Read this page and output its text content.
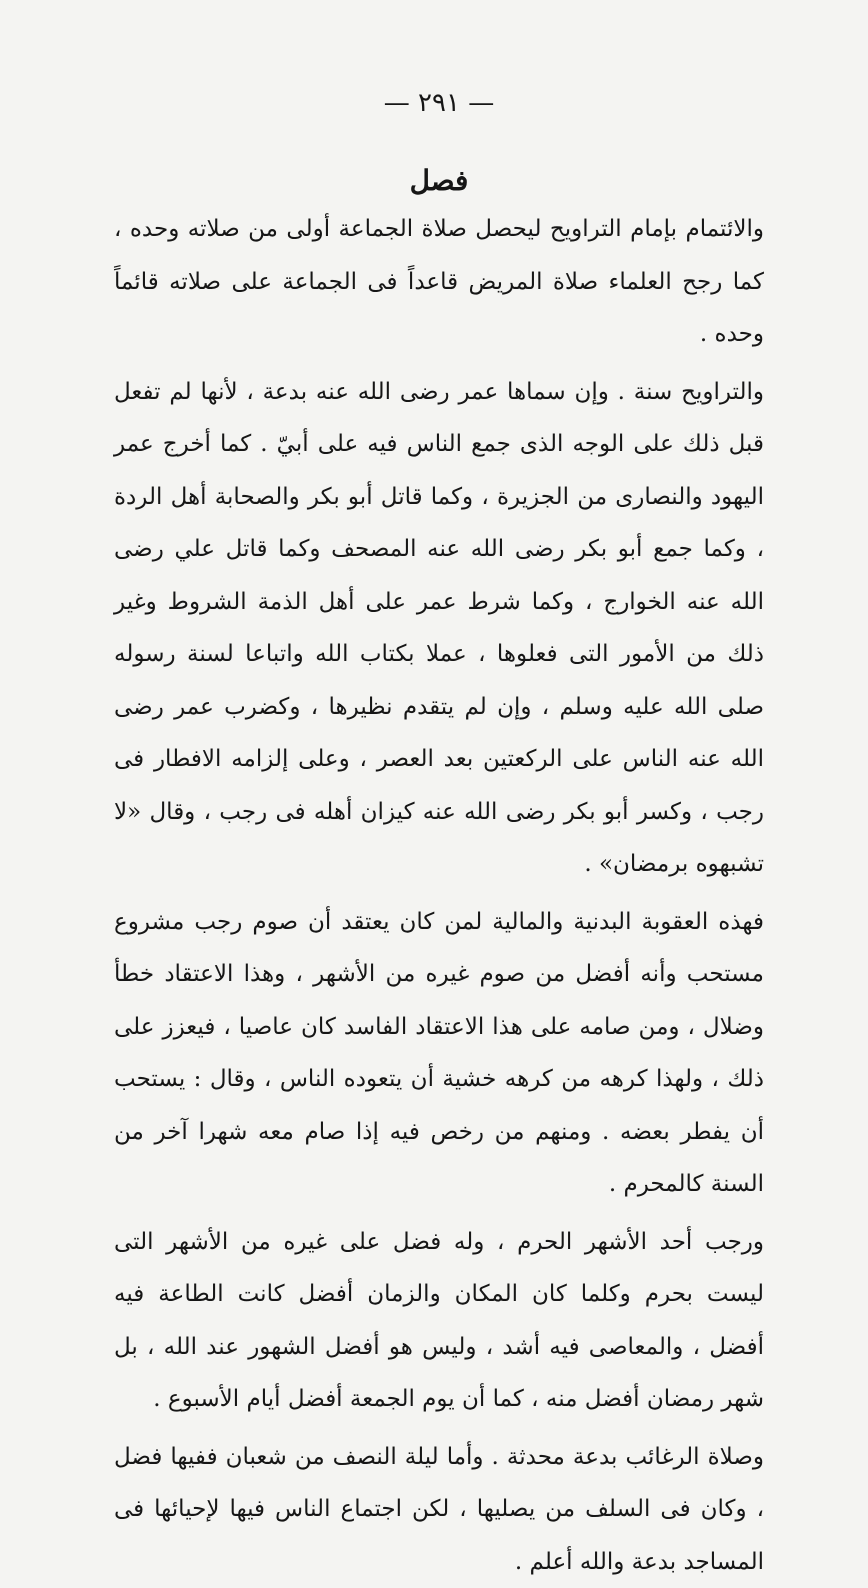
— ٢٩١ —
فصل

والائتمام بإمام التراويح ليحصل صلاة الجماعة أولى من صلاته وحده ، كما رجح العلماء صلاة المريض قاعداً فى الجماعة على صلاته قائماً وحده .

والتراويح سنة . وإن سماها عمر رضى الله عنه بدعة ، لأنها لم تفعل قبل ذلك على الوجه الذى جمع الناس فيه على أبيّ . كما أخرج عمر اليهود والنصارى من الجزيرة ، وكما قاتل أبو بكر والصحابة أهل الردة ، وكما جمع أبو بكر رضى الله عنه المصحف وكما قاتل علي رضى الله عنه الخوارج ، وكما شرط عمر على أهل الذمة الشروط وغير ذلك من الأمور التى فعلوها ، عملا بكتاب الله واتباعا لسنة رسوله صلى الله عليه وسلم ، وإن لم يتقدم نظيرها ، وكضرب عمر رضى الله عنه الناس على الركعتين بعد العصر ، وعلى إلزامه الافطار فى رجب ، وكسر أبو بكر رضى الله عنه كيزان أهله فى رجب ، وقال «لا تشبهوه برمضان» .

فهذه العقوبة البدنية والمالية لمن كان يعتقد أن صوم رجب مشروع مستحب وأنه أفضل من صوم غيره من الأشهر ، وهذا الاعتقاد خطأ وضلال ، ومن صامه على هذا الاعتقاد الفاسد كان عاصيا ، فيعزز على ذلك ، ولهذا كرهه من كرهه خشية أن يتعوده الناس ، وقال : يستحب أن يفطر بعضه . ومنهم من رخص فيه إذا صام معه شهرا آخر من السنة كالمحرم .

ورجب أحد الأشهر الحرم ، وله فضل على غيره من الأشهر التى ليست بحرم وكلما كان المكان والزمان أفضل كانت الطاعة فيه أفضل ، والمعاصى فيه أشد ، وليس هو أفضل الشهور عند الله ، بل شهر رمضان أفضل منه ، كما أن يوم الجمعة أفضل أيام الأسبوع .

وصلاة الرغائب بدعة محدثة . وأما ليلة النصف من شعبان ففيها فضل ، وكان فى السلف من يصليها ، لكن اجتماع الناس فيها لإحيائها فى المساجد بدعة والله أعلم .
